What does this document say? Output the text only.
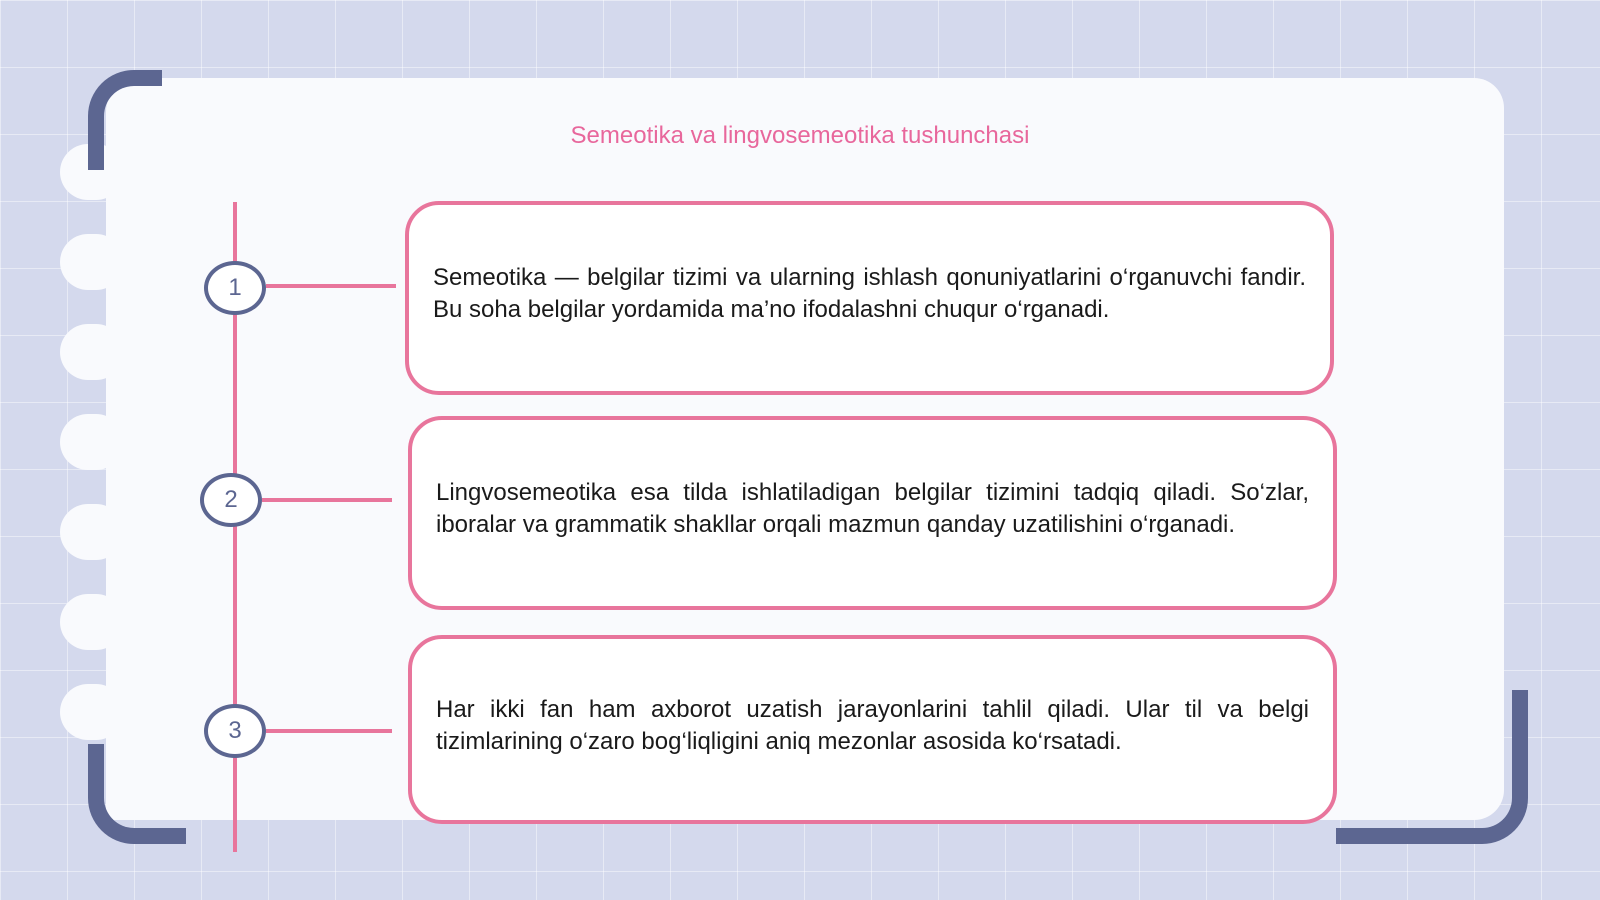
Semeotika va lingvosemeotika tushunchasi
1	Semeotika — belgilar tizimi va ularning ishlash qonuniyatlarini o‘rganuvchi fandir. Bu soha belgilar yordamida ma’no ifodalashni chuqur o‘rganadi.

2	Lingvosemeotika esa tilda ishlatiladigan belgilar tizimini tadqiq qiladi. So‘zlar, iboralar va grammatik shakllar orqali mazmun qanday uzatilishini o‘rganadi.

3

Har ikki fan ham axborot uzatish jarayonlarini tahlil qiladi. Ular til va belgi tizimlarining o‘zaro bog‘liqligini aniq mezonlar asosida ko‘rsatadi.
